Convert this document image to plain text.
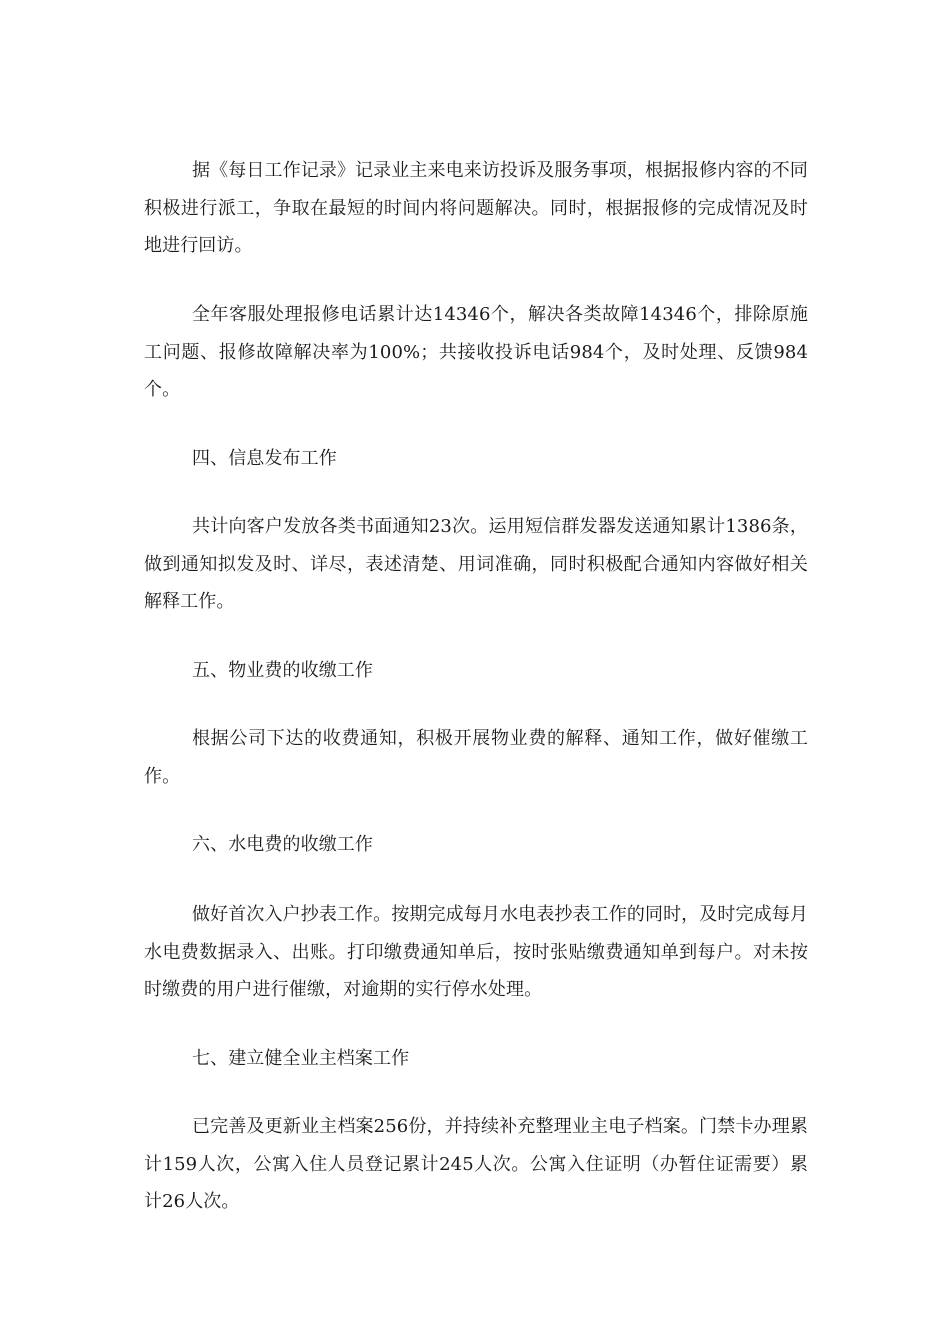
据《每日工作记录》记录业主来电来访投诉及服务事项，根据报修内容的不同积极进行派工，争取在最短的时间内将问题解决。同时，根据报修的完成情况及时地进行回访。

全年客服处理报修电话累计达14346个，解决各类故障14346个，排除原施工问题、报修故障解决率为100%；共接收投诉电话984个，及时处理、反馈984个。

四、信息发布工作

共计向客户发放各类书面通知23次。运用短信群发器发送通知累计1386条，做到通知拟发及时、详尽，表述清楚、用词准确，同时积极配合通知内容做好相关解释工作。

五、物业费的收缴工作

根据公司下达的收费通知，积极开展物业费的解释、通知工作，做好催缴工作。

六、水电费的收缴工作

做好首次入户抄表工作。按期完成每月水电表抄表工作的同时，及时完成每月水电费数据录入、出账。打印缴费通知单后，按时张贴缴费通知单到每户。对未按时缴费的用户进行催缴，对逾期的实行停水处理。

七、建立健全业主档案工作

已完善及更新业主档案256份，并持续补充整理业主电子档案。门禁卡办理累计159人次，公寓入住人员登记累计245人次。公寓入住证明（办暂住证需要）累计26人次。
